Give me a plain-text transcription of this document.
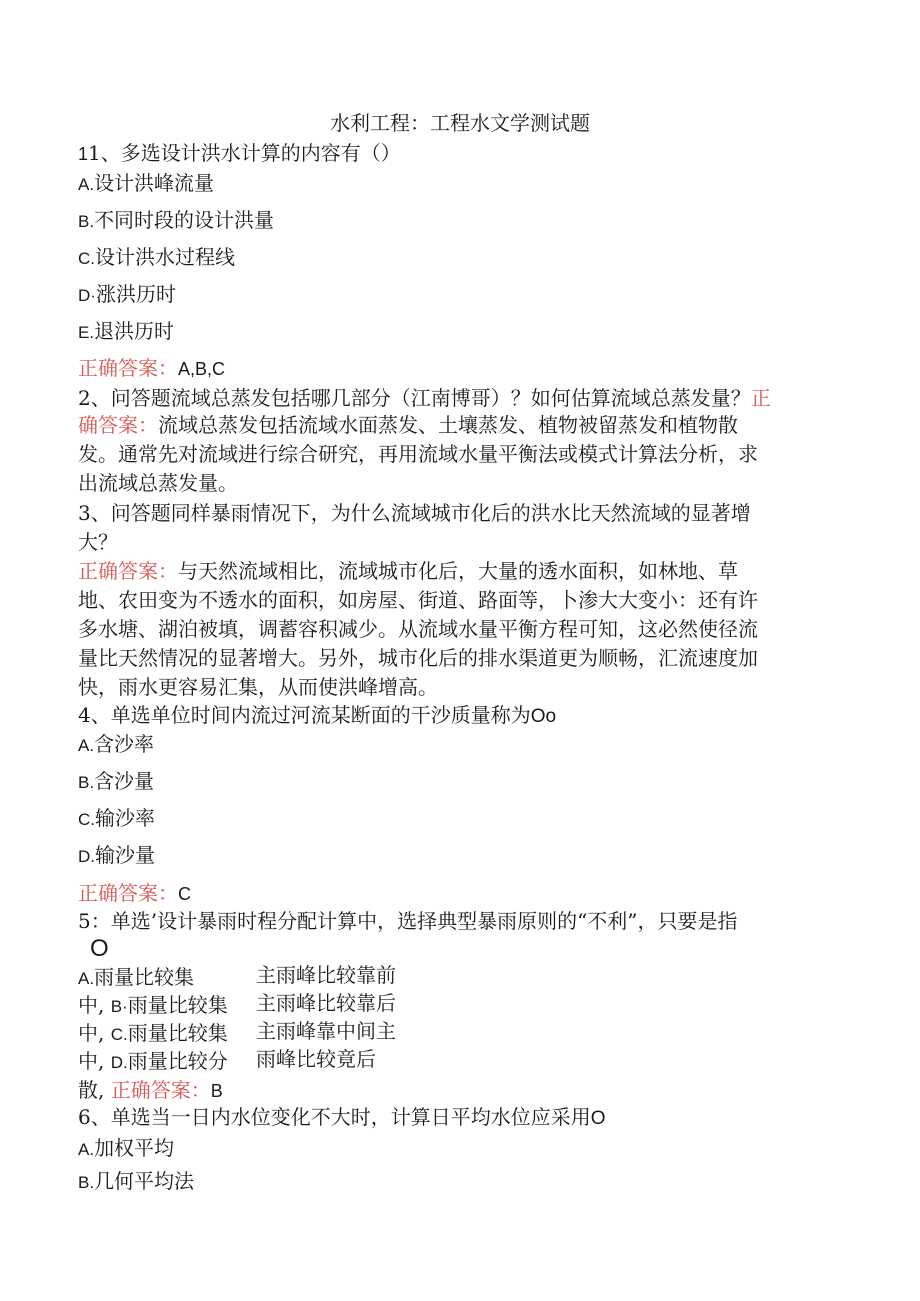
水利工程：工程水文学测试题
11、多选设计洪水计算的内容有（）
A.设计洪峰流量
B.不同时段的设计洪量
C.设计洪水过程线
D·涨洪历时
E.退洪历时
正确答案：A,B,C
2、问答题流域总蒸发包括哪几部分（江南博哥）？如何估算流域总蒸发量？正
确答案：流域总蒸发包括流域水面蒸发、土壤蒸发、植物被留蒸发和植物散
发。通常先对流域进行综合研究，再用流域水量平衡法或模式计算法分析，求
出流域总蒸发量。
3、问答题同样暴雨情况下，为什么流域城市化后的洪水比天然流域的显著增
大？
正确答案：与天然流域相比，流域城市化后，大量的透水面积，如林地、草
地、农田变为不透水的面积，如房屋、街道、路面等，卜渗大大变小：还有许
多水塘、湖泊被填，调蓄容积减少。从流域水量平衡方程可知，这必然使径流
量比天然情况的显著增大。另外，城市化后的排水渠道更为顺畅，汇流速度加
快，雨水更容易汇集，从而使洪峰增高。
4、单选单位时间内流过河流某断面的干沙质量称为Oo
A.含沙率
B.含沙量
C.输沙率
D.输沙量
正确答案：C
5：单选’设计暴雨时程分配计算中，选择典型暴雨原则的“不利”，只要是指
O
A.雨量比较集	主雨峰比较靠前
中, B·雨量比较集 主雨峰比较靠后
中, C.雨量比较集 主雨峰靠中间主
中, D.雨量比较分 雨峰比较竟后
散, 正确答案：B
6、单选当一日内水位变化不大时，计算日平均水位应采用O
A.加权平均
B.几何平均法
